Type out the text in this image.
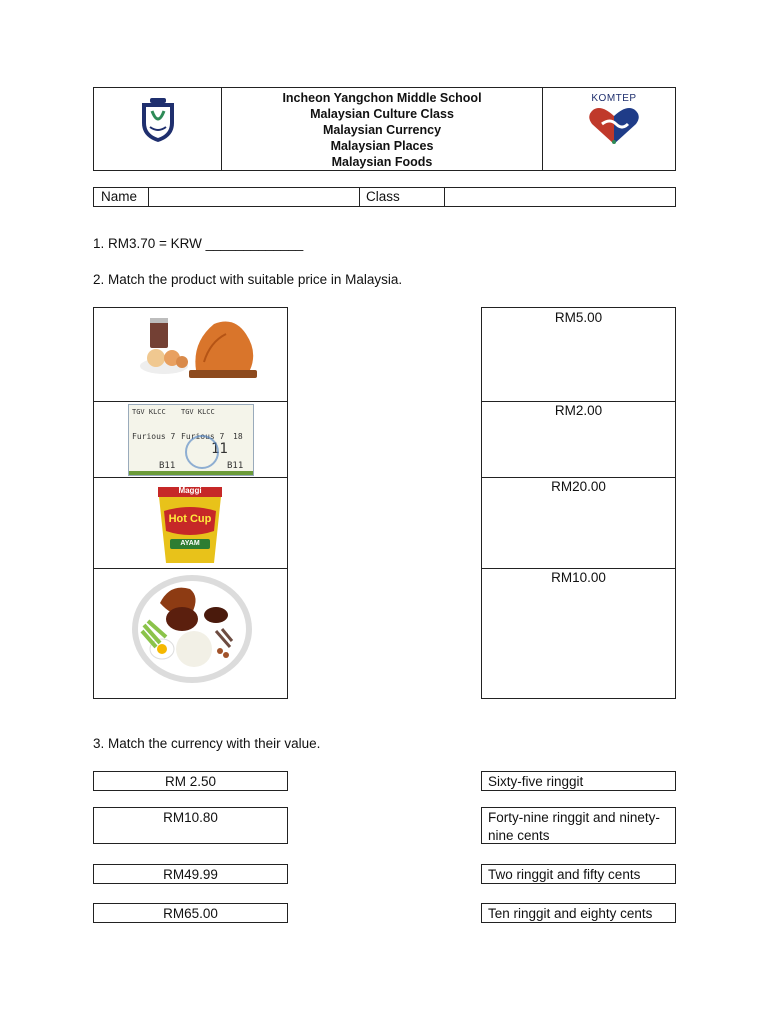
Incheon Yangchon Middle School
Malaysian Culture Class
Malaysian Currency
Malaysian Places
Malaysian Foods
KOMTEP
Name	Class
1. RM3.70 = KRW _____________
2. Match the product with suitable price in Malaysia.
TGV KLCC TGV KLCC
Furious 7 Furious 7 18
11
B11	B11
Maggi
Hot Cup
AYAM
RM5.00
RM2.00
RM20.00
RM10.00
3. Match the currency with their value.
RM 2.50
RM10.80
RM49.99
RM65.00
Sixty-five ringgit
Forty-nine ringgit and ninety-nine cents
Two ringgit and fifty cents
Ten ringgit and eighty cents
